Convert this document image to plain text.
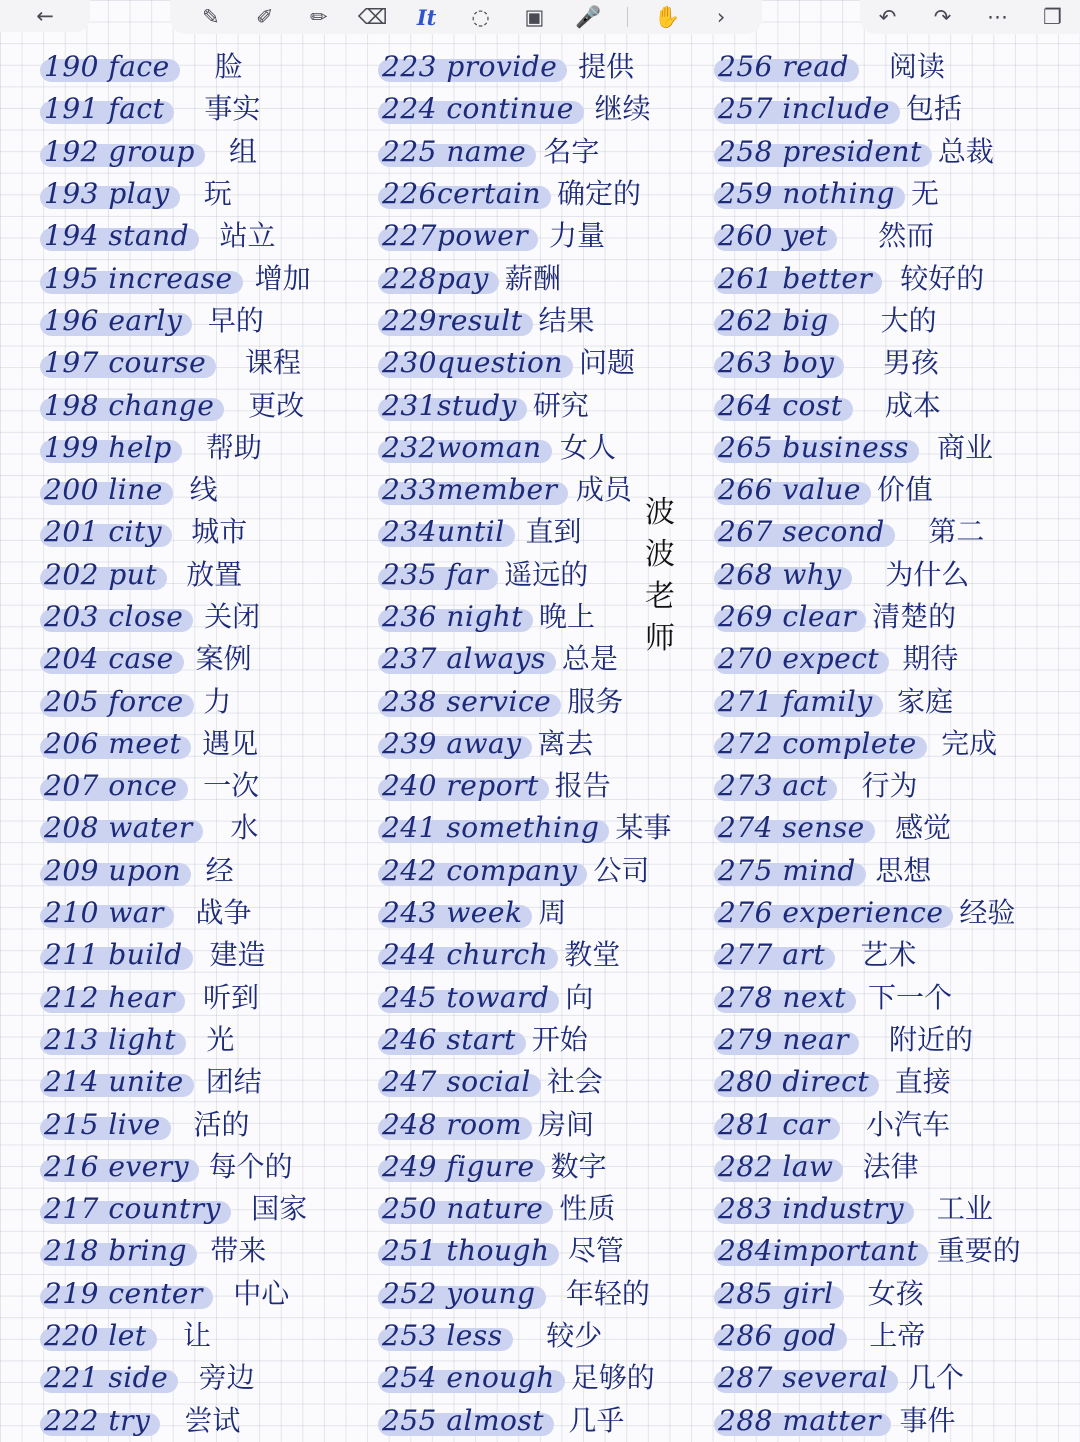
←	✎ ✐ ✏ ⌫ It ◌ ▣ 🎤	✋	›	↶ ↷ ⋯ ❐
190 face	脸
191 fact	事实
192 group	组
193 play	玩
194 stand	站立
195 increase 增加
196 early 早的
197 course	课程
198 change	更改
199 help	帮助
200 line 线
201 city	城市
202 put	放置
203 close 关闭
204 case 案例
205 force 力
206 meet 遇见
207 once 一次
208 water	水
209 upon 经
210 war	战争
211 build 建造
212 hear	听到
213 light	光
214 unite 团结
215 live	活的
216 every 每个的
217 country	国家
218 bring 带来
219 center	中心
220 let	让
221 side	旁边
222 try	尝试
223 provide 提供
224 continue 继续
225 name 名字
226certain 确定的
227power 力量
228pay 薪酬
229result 结果
230question 问题
231study 研究
232woman 女人
233member 成员
234until 直到
235 far 遥远的
236 night 晚上
237 always 总是
238 service 服务
239 away 离去
240 report 报告
241 something 某事
242 company 公司
243 week 周
244 church 教堂
245 toward 向
246 start 开始
247 social 社会
248 room 房间
249 figure 数字
250 nature 性质
251 though 尽管
252 young	年轻的
253 less	较少
254 enough 足够的
255 almost 几乎
256 read	阅读
257 include 包括
258 president 总裁
259 nothing 无
260 yet	然而
261 better	较好的
262 big	大的
263 boy	男孩
264 cost	成本
265 business	商业
266 value 价值
267 second	第二
268 why	为什么
269 clear 清楚的
270 expect 期待
271 family 家庭
272 complete 完成
273 act	行为
274 sense	感觉
275 mind 思想
276 experience 经验
277 art	艺术
278 next 下一个
279 near	附近的
280 direct 直接
281 car	小汽车
282 law	法律
283 industry	工业
284important 重要的
285 girl	女孩
286 god	上帝
287 several 几个
288 matter 事件
波
波
老
师
